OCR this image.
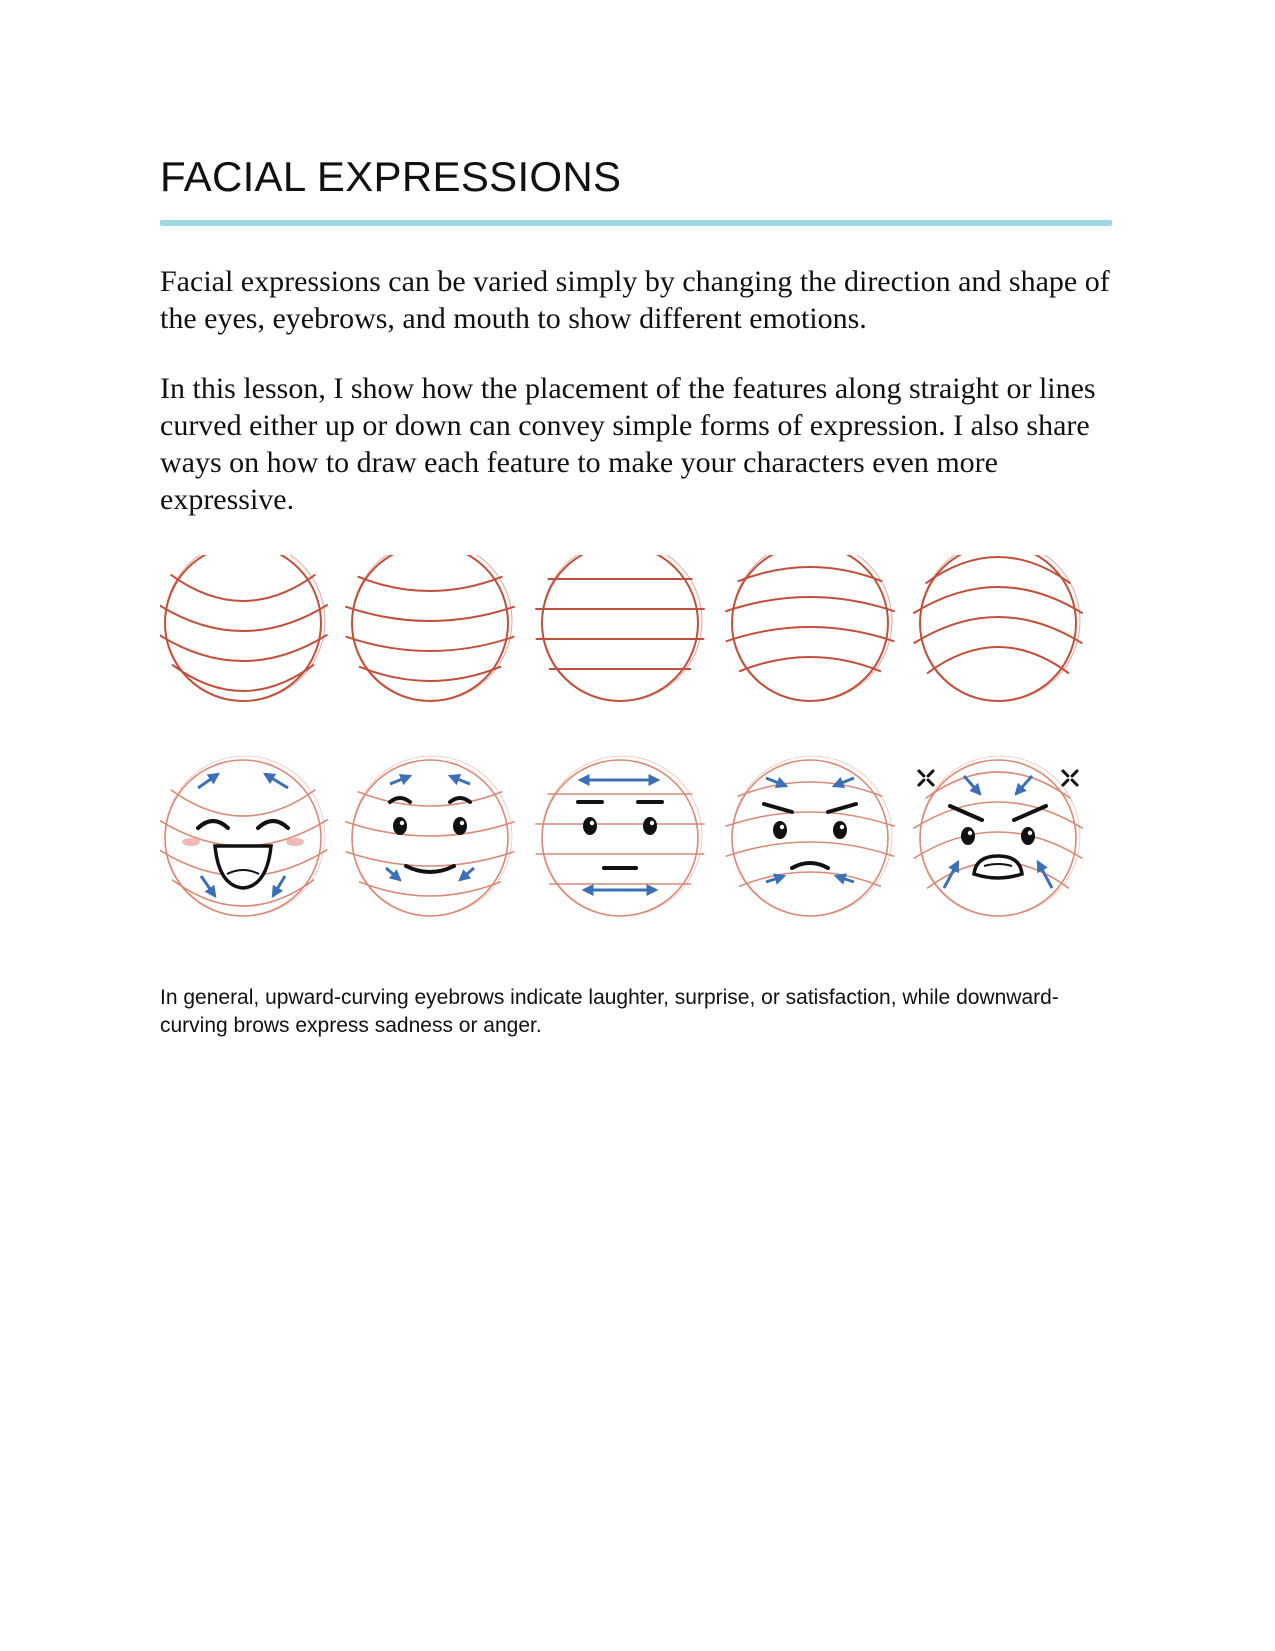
FACIAL EXPRESSIONS

Facial expressions can be varied simply by changing the direction and shape of the eyes, eyebrows, and mouth to show different emotions.

In this lesson, I show how the placement of the features along straight or lines curved either up or down can convey simple forms of expression. I also share ways on how to draw each feature to make your characters even more expressive.

In general, upward-curving eyebrows indicate laughter, surprise, or satisfaction, while downward-curving brows express sadness or anger.
